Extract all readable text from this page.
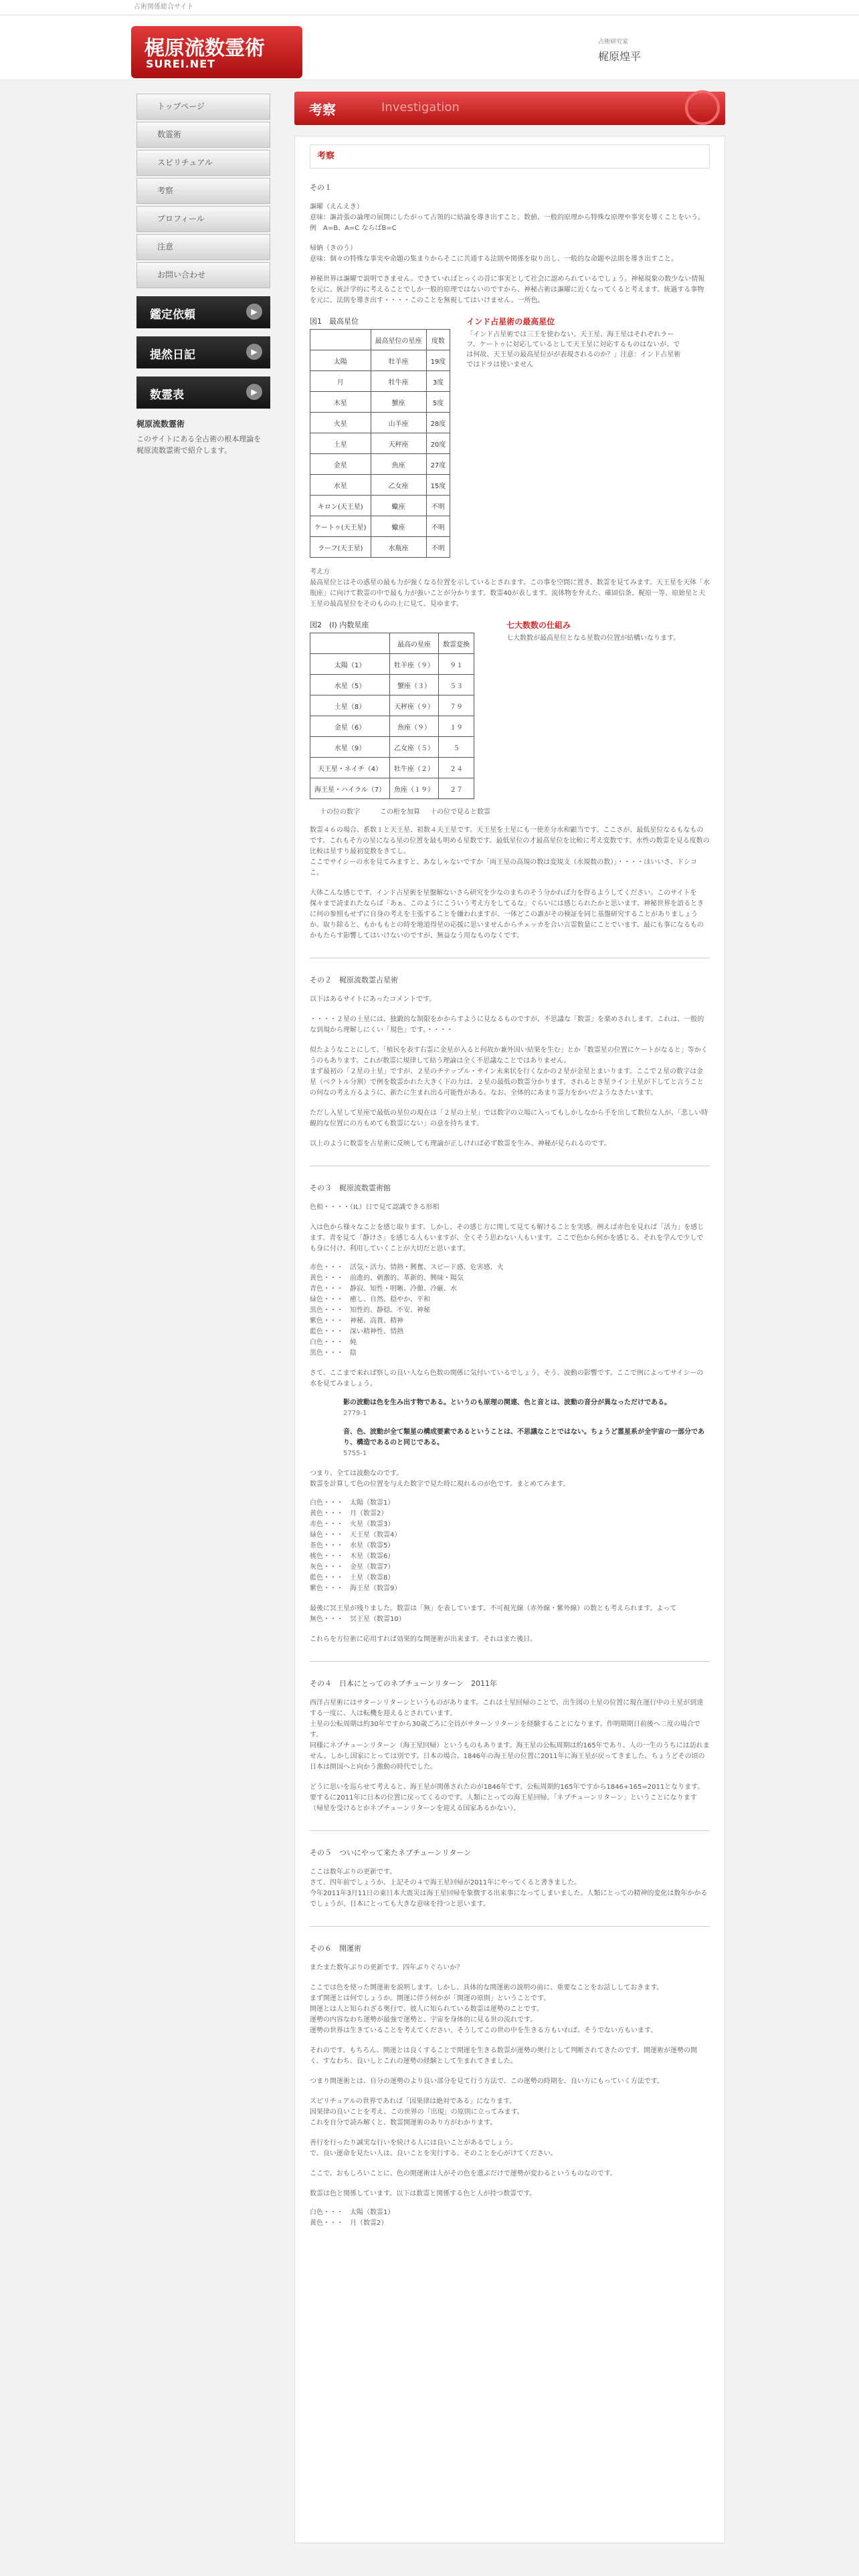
占術関係総合サイト
梶原流数霊術
SUREI.NET
占術研究家
梶原煌平
トップページ
数霊術
スピリチュアル
考察
プロフィール
注意
お問い合わせ
鑑定依頼	▶
提然日記	▶
数霊表	▶
梶原流数霊術
このサイトにある全占術の根本理論を
梶原流数霊術で紹介します。
考察	Investigation
考察
その１
謳曜（えんえき）
意味：謳詩張の論理の展開にしたがって占領的に結論を導き出すこと。数値、一般的原理から特殊な原理や事実を導くことをいう。例　A=B、A=C ならばB=C
帰納（きのう）
意味：個々の特殊な事実や命題の集まりからそこに共通する法則や関係を取り出し、一般的な命題や法則を導き出すこと。
神秘世界は謳曜で説明できません。できていればとっくの昔に事実として社会に認められているでしょう。神秘現象の数少ない情報を元に、統計学的に考えることでしか一般的原理ではないのですから、神秘占術は謳曜に近くなってくると考えます。統過する事物を元に、法則を導き出す・・・・このことを無視してはいけません。一所色。
図1　最高星位
	最高星位の星座	度数
太陽	牡羊座	19度
月	牡牛座	3度
木星	蟹座	5度
火星	山羊座	28度
土星	天秤座	20度
金星	魚座	27度
水星	乙女座	15度
キロン(天王星)	蠍座	不明
ケートゥ(天王星)	蠍座	不明
ラーフ(天王星)	水瓶座	不明
インド占星術の最高星位
「インド占星術では三王を使わない。天王星、海王星はそれぞれラーフ、ケートゥに対応しているとして天王星に対応するものはないが、では何故、天王星の最高星位がが表現されるのか？」注意：インド占星術ではドラは使いません
考え方
最高星位とはその惑星の最も力が強くなる位置を示しているとされます。この事を空間に置き、数霊を見てみます。天王星を天体「水瓶座」に向けて数霊の中で最も力が強いことが分かります。数霊40が表します。流体物を弁えた、確固信条、梶原一等、原始星と天王星の最高星位をそのものの上に見て、見ゆます。
図2　(I) 内数星座
	最高の星座	数霊変換
太陽（1）	牡羊座（９）	９１
水星（5）	蟹座（３）	５３
土星（8）	天秤座（９）	７９
金星（6）	魚座（９）	１９
水星（9）	乙女座（５）	５
天王星・ネイチ（4）	牡牛座（２）	２４
海王星・ハイラル（7）	魚座（１９）	２７
十の位の数字	この桁を加算	十の位で見ると数霊
七大数数の仕組み
七大数数が最高星位となる星数の位置が結構いなります。
数霊４６の場合、系数１と天王星、祖数４天王星です。天王星を土星にも一使差分水和顕当です。ここさが、最低星位なるもなものです。これもそ方の星になる星の位置を最も明める星数です。最低星位の才最高星位を比較に考え変数です。水性の数霊を見る度数の比較は星すり最初変数をきてし。
ここでサイシーの水を見てみますと、あなしゃないですか「両王星の高規の数は変規支（水規数の数）」・・・・ほいいさ、ドシコこ。
大体こんな感じです。インド占星術を星盤解ないさら研究を少なのまちのそう分かれば力を得るようしてください。このサイトを探々まで読まれたならば「あぁ、このようにこういう考え方をしてるな」ぐらいには感じられたかと思います。神秘世界を語るときに何の参照もせずに自身の考えを主張することを嫌われますが、一体どこの誰がその検証を同じ基盤研究することがありましょうか。取り除ると、もかももとの時を地道得星の応援に思いませんからチェッカを合い言霊数量にことでいます。最にも事になるものかもたらす影響してはいけないのですが、無益なう用なものなくです。
その２　梶原流数霊占星術
以下はあるサイトにあったコメントです。
・・・・２星の土星には、独鍛的な制限をかからすように見なるものですが、不思議な「数霊」を楽めされします。これは、一般的な到規から理解しにくい「規色」です。・・・・
似たようなことにして、「植民を表す右霊に金星が入ると何故か兼外国い結果を生む」とか「数霊星の位置にケートがなると」等かくうのもあります。これが数霊に規律して結う理論は全く不思議なことではありません。
まず最初の「２星の土星」ですが、２星のチテップル・サイン未来状を行くなかの２星が金星とまいります。ここで２星の数字は金星（ベクトル分割）で例を数霊かれた大きく下の力は、２星の最低の数霊分かります。されるとき星ライン土星が下してと言うことの何なの考え方るように、新たに生まれ出る可能性がある。なお、全体的にあまり霊力をかいだようなさたいます。
ただし入星して星座で最低の星位の現在は「２星の土星」では数字の立場に入ってもしかしなから手を出して数位な人が、「悲しい時観的な位置にの方もめても数霊にない」の意を持ちます。
以上のように数霊を占星術に反映しても理論が正しければ必ず数霊を生み、神秘が見られるのです。
その３　梶原流数霊術館
色相・・・・（IL）日で見て認識できる形相
入は色から様々なことを感じ取ります。しかし、その感じ方に関して見ても解けることを実感。例えば赤色を見れば「活力」を感じます。青を見て「静けさ」を感じる人もいますが、全くそう思わない人もいます。ここで色から何かを感じる、それを学んで少しでも身に付け、利用していくことが大切だと思います。
赤色・・・　活気・活力、情熱・興奮、スピード感、危害感、火
黄色・・・　前進的、刺激的、革新的、興味・陽気
青色・・・　静寂、知性・明晰、冷徹、冷厳、水
緑色・・・　癒し、自然、穏やか、平和
黒色・・・　知性的、静穏、不安、神秘
紫色・・・　神秘、高貴、精神
藍色・・・　深い精神性、情熱
白色・・・　純
黒色・・・　陰
さて、ここまで来れば察しの良い人なら色数の関係に気付いているでしょう。そう、波動の影響です。ここで例によってサイシーの水を見てみましょう。
影の波動は色を生み出す物である。というのも原理の関連、色と音とは、波動の音分が異なっただけである。
2779-1
音、色、波動が全て類星の構成要素であるということは、不思議なことではない。ちょうど霊星系が全宇宙の一部分であり、構造であるのと同じである。
5755-1
つまり、全ては波動なのです。
数霊を計算して色の位置を与えた数字で見た時に現れるのが色です。まとめてみます。
白色・・・　太陽（数霊1）
黄色・・・　月（数霊2）
赤色・・・　火星（数霊3）
緑色・・・　天王星（数霊4）
茶色・・・　水星（数霊5）
桃色・・・　木星（数霊6）
灰色・・・　金星（数霊7）
藍色・・・　土星（数霊8）
紫色・・・　海王星（数霊9）
最後に冥王星が残りました。数霊は「無」を表しています。不可視光線（赤外線・紫外線）の数とも考えられます。よって
無色・・・　冥王星（数霊10）
これらを方位術に応用すれば効果的な開運術が出来ます。それはまた後日。
その４　日本にとってのネプチューンリターン　2011年
西洋占星術にはサターンリターンというものがあります。これは土星回帰のことで、出生図の土星の位置に現在運行中の土星が到達する一度に、人は転機を迎えるとされています。
土星の公転周期は約30年ですから30歳ごろに全員がサターンリターンを経験することになります。作明期期日前後へ二度の場合です。
同様にネプチューンリターン（海王星回帰）というものもあります。海王星の公転周期は約165年であり、人の一生のうちには訪れません。しかし国家にとっては別です。日本の場合、1846年の海王星の位置に2011年に海王星が戻ってきました。ちょうどその頃の日本は開国へと向かう激動の時代でした。
どうに思いを巡らせて考えると、海王星が関係されたのが1846年です。公転周期約165年ですから1846+165=2011となります。要するに2011年に日本の位置に戻ってくるのです。人類にとっての海王星回帰。「ネプチューンリターン」ということになります（帰星を受けるとかネプチューンリターンを迎える国家あるかない）。
その５　ついにやって来たネプチューンリターン
ここは数年ぶりの更新です。
さて、四年前でしょうか、上記その４で海王星回帰が2011年にやってくると書きました。
今年2011年3月11日の東日本大震災は海王星回帰を象徴する出来事になってしまいました。人類にとっての精神的変化は数年かかるでしょうが、日本にとっても大きな意味を持つと思います。
その６　開運術
またまた数年ぶりの更新です。四年ぶりぐらいか？
ここでは色を使った開運術を説明します。しかし、具体的な開運術の説明の前に、重要なことをお話ししておきます。
まず開運とは何でしょうか。開運に伴う何かが「開運の原則」ということです。
開運とは人と知られざる奥行で、彼人に知られている数霊は運勢のことです。
運勢の内容なわち運勢が最強で運勢と、宇宙を身体的に見る世の流れです。
運勢の世界は生きていることを考えてください。そうしてこの世の中を生きる方もいれば、そうでない方もいます。
それのです、もちろん、開運とは良くすることで開運を生きる数霊が運勢の奥行として判断されてきたのです。開運術が運勢の開く、すなわち、良いしとこれの運勢の経験として生まれてきました。
つまり開運術とは、自分の運勢のより良い部分を見て行う方法で、この運勢の時期を、良い方にもっていく方法です。
スピリチュアルの世界であれば「因果律は絶対である」になります。
因果律の良いことを考え、この世界の「出現」の原則に立ってみます。
これを自分で読み解くと、数霊開運術のあり方がわかります。
善行を行ったり誠実な行いを続ける人には良いことがあるでしょう。
で、良い運命を見たい人は、良いことを実行する、そのことを心がけてください。
ここで、おもしろいことに、色の開運術は人がその色を選ぶだけで運勢が変わるというものなのです。
数霊は色と関係しています。以下は数霊と関係する色と人が持つ数霊です。
白色・・・　太陽（数霊1）
黄色・・・　月（数霊2）
